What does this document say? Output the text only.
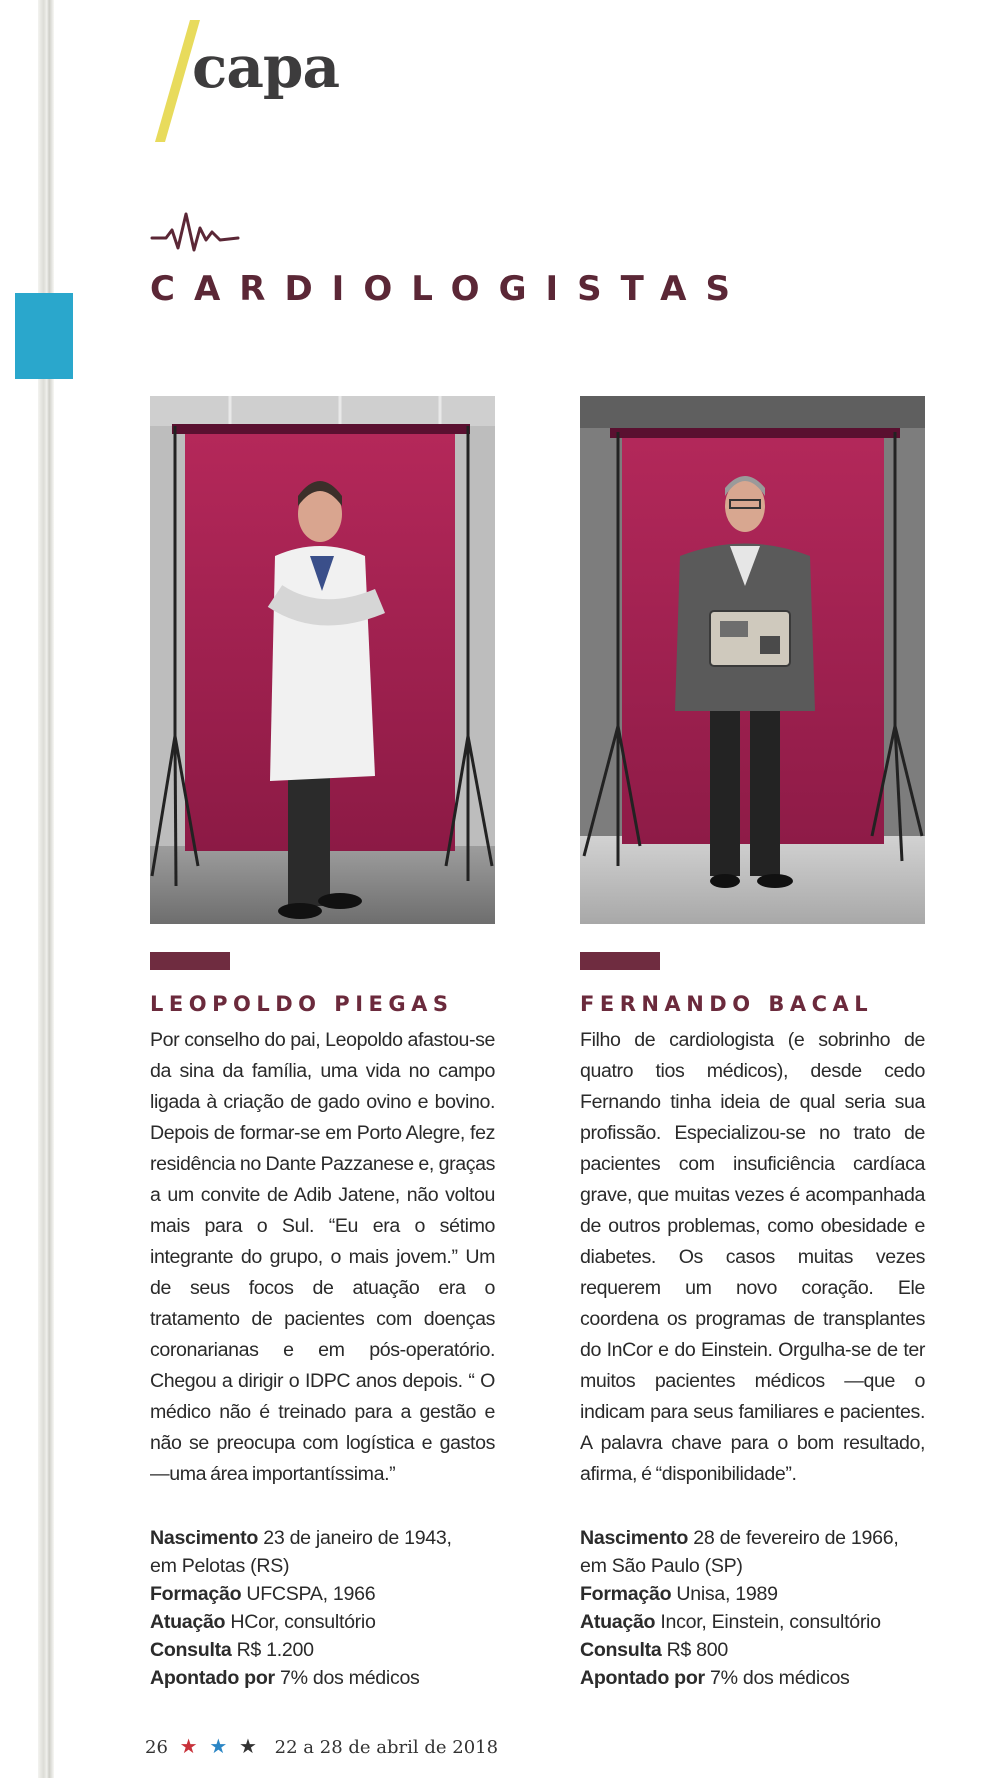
capa
CARDIOLOGISTAS
LEOPOLDO PIEGAS
Por conselho do pai, Leopoldo afastou-se da sina da família, uma vida no campo ligada à criação de gado ovino e bovino. Depois de formar-se em Porto Alegre, fez residência no Dante Pazzanese e, graças a um convite de Adib Jatene, não voltou mais para o Sul. “Eu era o sétimo integrante do grupo, o mais jovem.” Um de seus focos de atuação era o tratamento de pacientes com doenças coronarianas e em pós-operatório. Chegou a dirigir o IDPC anos depois. “ O médico não é treinado para a gestão e não se preocupa com logística e gastos —uma área importantíssima.”
Nascimento 23 de janeiro de 1943,
em Pelotas (RS)
Formação UFCSPA, 1966
Atuação HCor, consultório
Consulta R$ 1.200
Apontado por 7% dos médicos
FERNANDO BACAL
Filho de cardiologista (e sobrinho de quatro tios médicos), desde cedo Fernando tinha ideia de qual seria sua profissão. Especializou-se no trato de pacientes com insuficiência cardíaca grave, que muitas vezes é acompanhada de outros problemas, como obesidade e diabetes. Os casos muitas vezes requerem um novo coração. Ele coordena os programas de transplantes do InCor e do Einstein. Orgulha-se de ter muitos pacientes médicos —que o indicam para seus familiares e pacientes. A palavra chave para o bom resultado, afirma, é “disponibilidade”.
Nascimento 28 de fevereiro de 1966,
em São Paulo (SP)
Formação Unisa, 1989
Atuação Incor, Einstein, consultório
Consulta R$ 800
Apontado por 7% dos médicos
26 ★ ★ ★ 22 a 28 de abril de 2018
